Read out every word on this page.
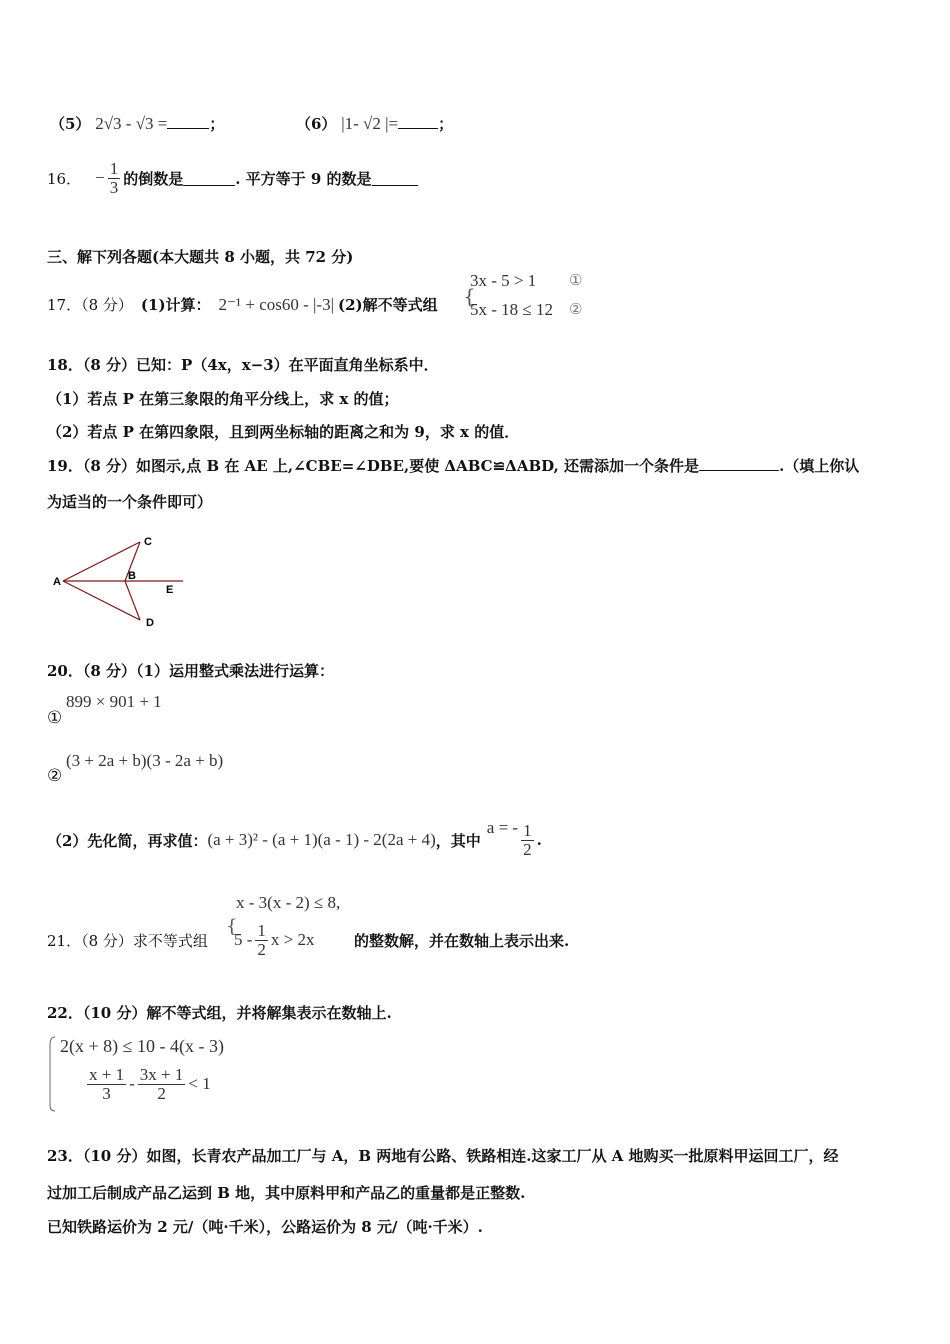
（5） 2√3 - √3 =	；	（6） |1- √2 |=	；
16． − $\frac{1}{3}$ 的倒数是	. 平方等于 9 的数是
三、解下列各题(本大题共 8 小题，共 72 分)
17．（8 分） (1)计算： 2⁻¹ + cos60 - |-3| (2)解不等式组 {
3x - 5 > 1
5x - 18 ≤ 12
①
②
18．（8 分）已知：P（4x，x−3）在平面直角坐标系中．
（1）若点 P 在第三象限的角平分线上，求 x 的值；
（2）若点 P 在第四象限，且到两坐标轴的距离之和为 9，求 x 的值．
19．（8 分）如图示,点 B 在 AE 上,∠CBE=∠DBE,要使 ΔABC≌ΔABD, 还需添加一个条件是	.（填上你认
为适当的一个条件即可）
A	B
C
D
E
20．（8 分）（1）运用整式乘法进行运算：
①
899 × 901 + 1
②
(3 + 2a + b)(3 - 2a + b)
（2）先化简，再求值： (a + 3)² - (a + 1)(a - 1) - 2(2a + 4) ，其中
a = - $\frac{1}{2}$ .
x - 3(x - 2) ≤ 8,
21．（8 分）求不等式组
{
$5 - \frac{1}{2}$ x > 2x	的整数解，并在数轴上表示出来.
22．（10 分）解不等式组，并将解集表示在数轴上.
2(x + 8) ≤ 10 - 4(x - 3)
$\frac{x + 1}{3} - \frac{3x + 1}{2} < 1$
23．（10 分）如图，长青农产品加工厂与 A，B 两地有公路、铁路相连.这家工厂从 A 地购买一批原料甲运回工厂，经
过加工后制成产品乙运到 B 地，其中原料甲和产品乙的重量都是正整数.
已知铁路运价为 2 元/（吨·千米），公路运价为 8 元/（吨·千米）.
